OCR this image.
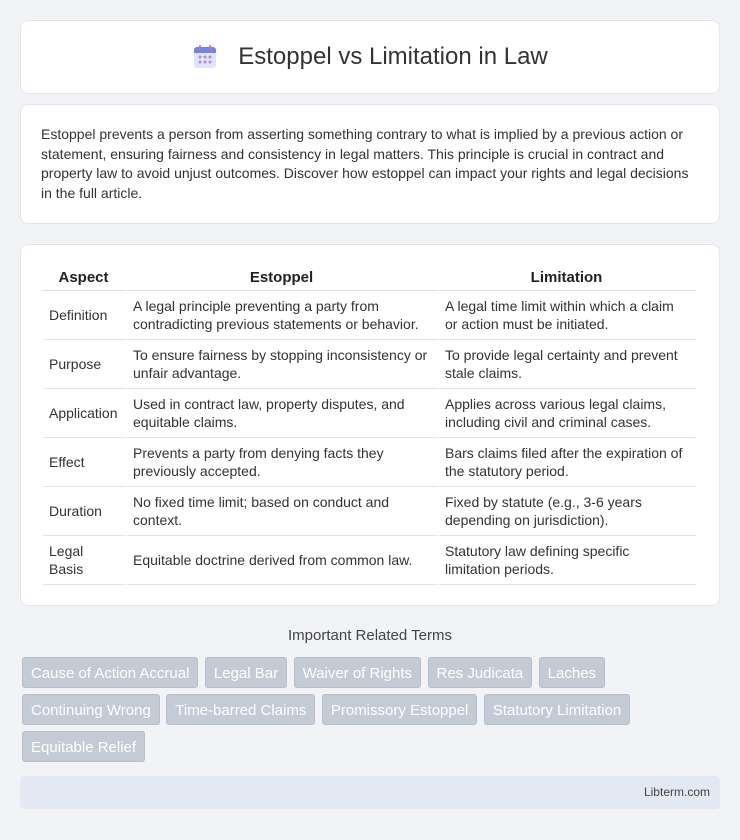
Estoppel vs Limitation in Law

Estoppel prevents a person from asserting something contrary to what is implied by a previous action or statement, ensuring fairness and consistency in legal matters. This principle is crucial in contract and property law to avoid unjust outcomes. Discover how estoppel can impact your rights and legal decisions in the full article.

Aspect	Estoppel	Limitation
Definition	A legal principle preventing a party from contradicting previous statements or behavior.	A legal time limit within which a claim or action must be initiated.
Purpose	To ensure fairness by stopping inconsistency or unfair advantage.	To provide legal certainty and prevent stale claims.
Application	Used in contract law, property disputes, and equitable claims.	Applies across various legal claims, including civil and criminal cases.
Effect	Prevents a party from denying facts they previously accepted.	Bars claims filed after the expiration of the statutory period.
Duration	No fixed time limit; based on conduct and context.	Fixed by statute (e.g., 3-6 years depending on jurisdiction).
Legal Basis	Equitable doctrine derived from common law.	Statutory law defining specific limitation periods.
Important Related Terms
Cause of Action Accrual Legal Bar Waiver of Rights Res Judicata Laches Continuing Wrong Time-barred Claims Promissory Estoppel Statutory Limitation Equitable Relief
Libterm.com
